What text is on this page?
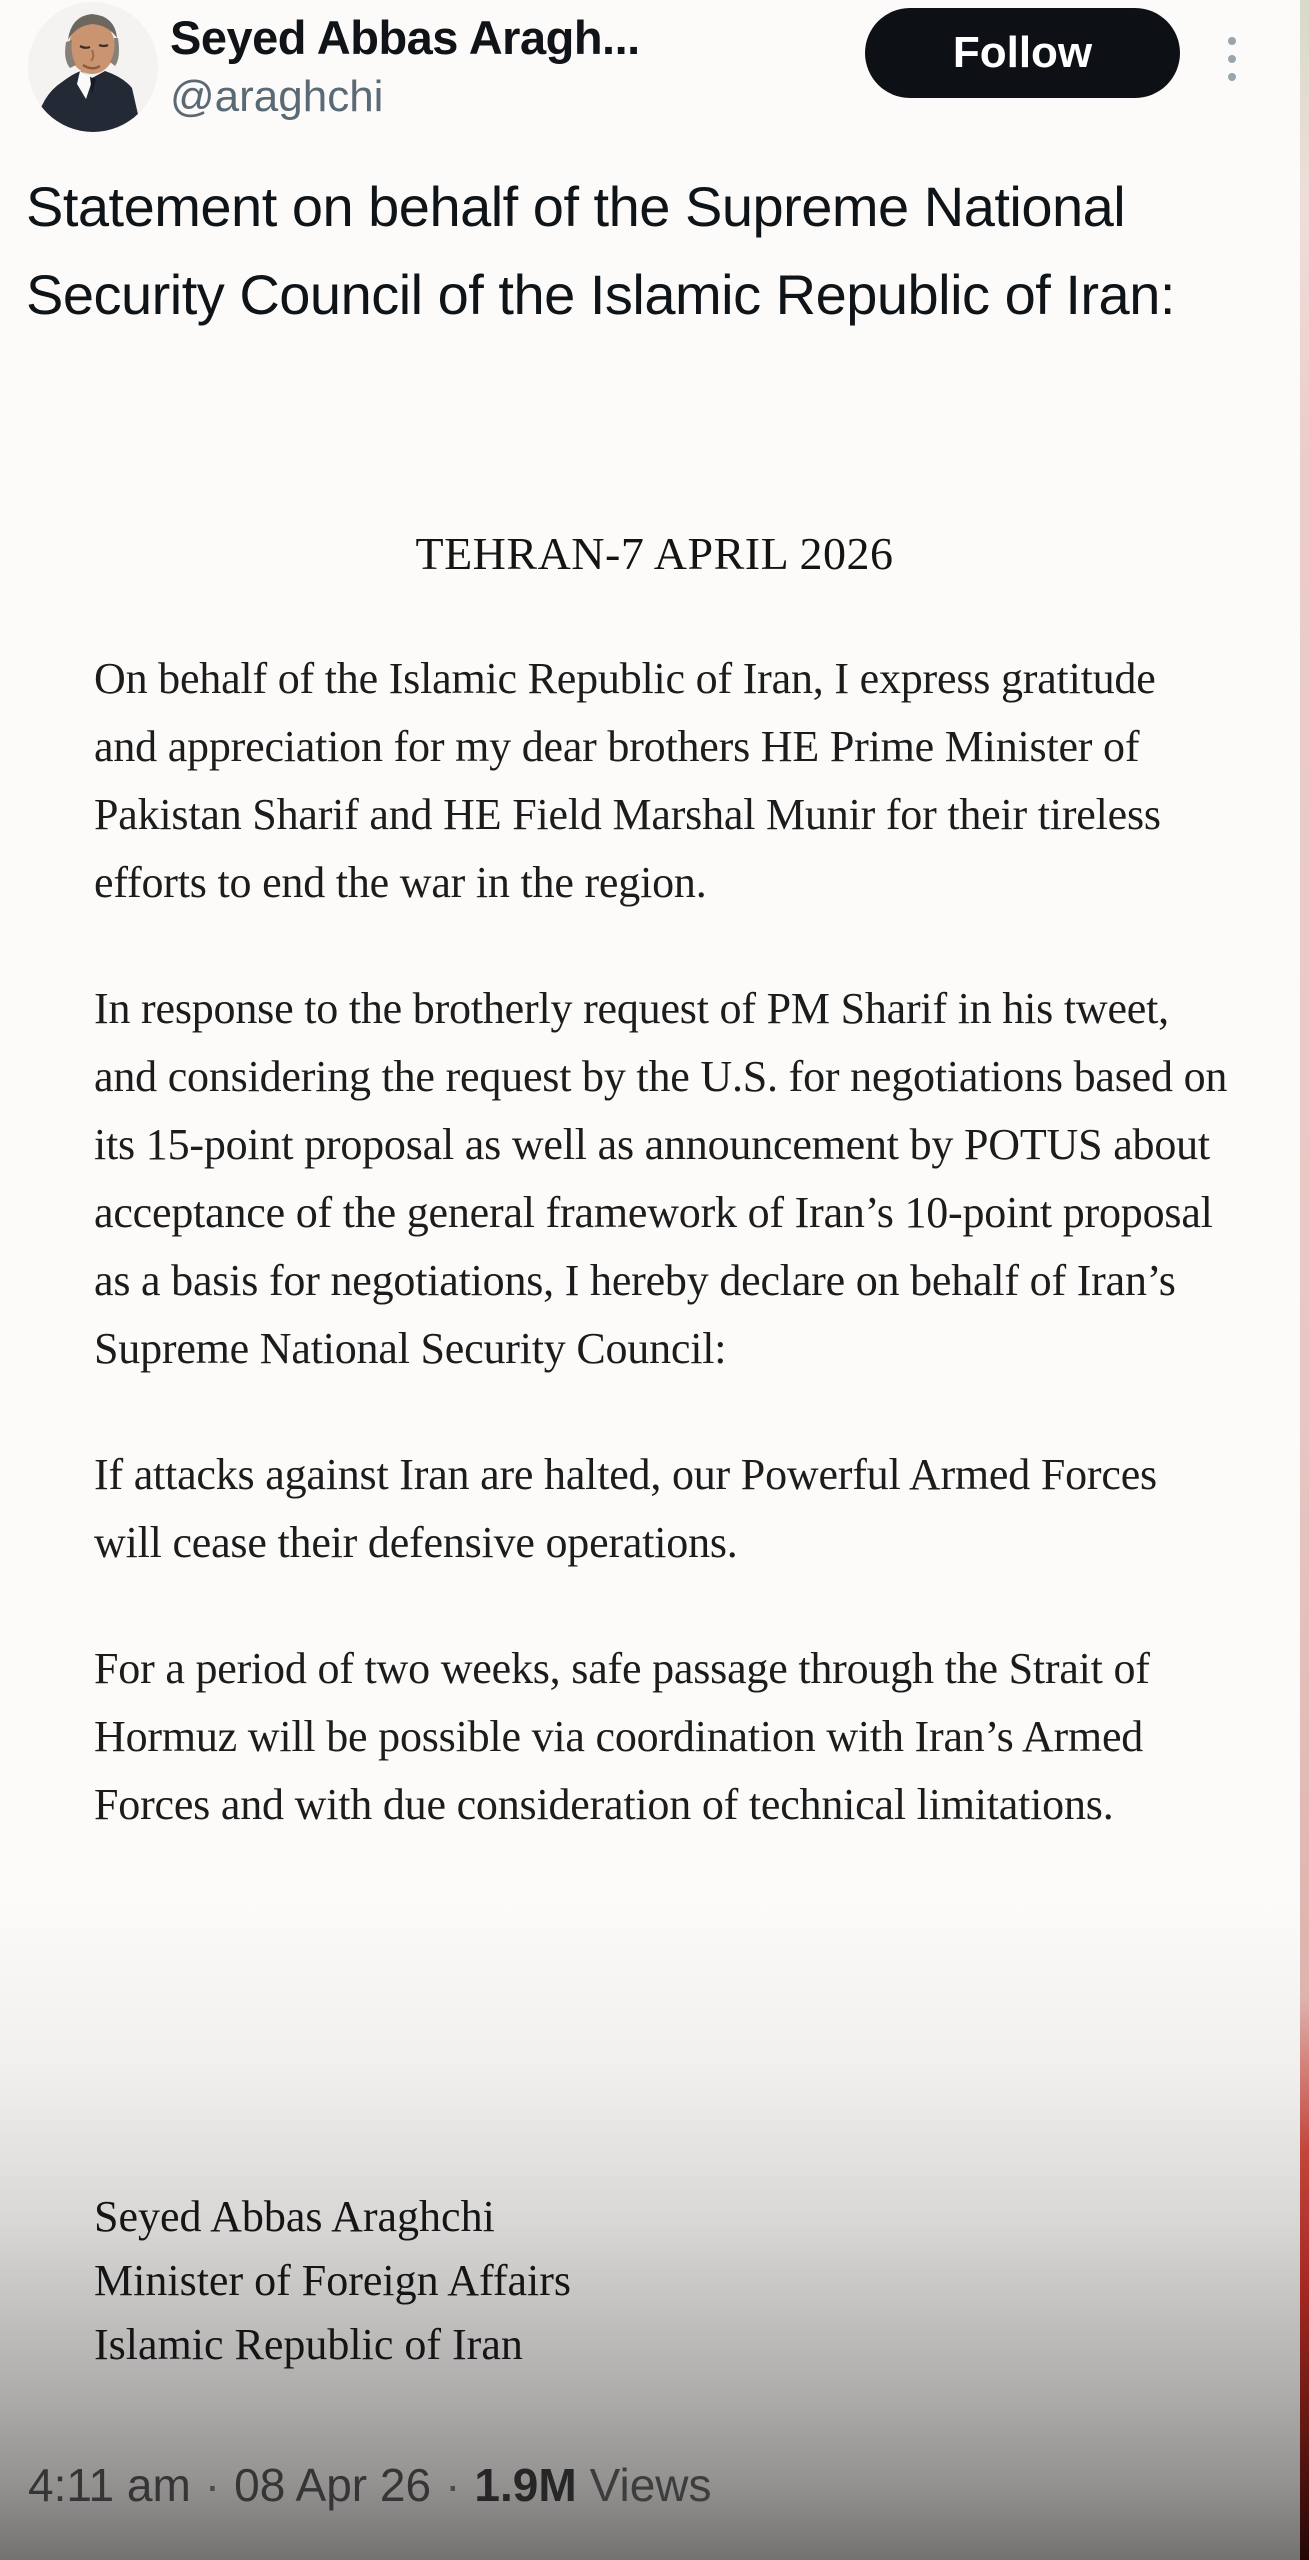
Seyed Abbas Aragh...
@araghchi
Follow
Statement on behalf of the Supreme National Security Council of the Islamic Republic of Iran:
TEHRAN-7 APRIL 2026

On behalf of the Islamic Republic of Iran, I express gratitude and appreciation for my dear brothers HE Prime Minister of Pakistan Sharif and HE Field Marshal Munir for their tireless efforts to end the war in the region.

In response to the brotherly request of PM Sharif in his tweet, and considering the request by the U.S. for negotiations based on its 15-point proposal as well as announcement by POTUS about acceptance of the general framework of Iran’s 10-point proposal as a basis for negotiations, I hereby declare on behalf of Iran’s Supreme National Security Council:

If attacks against Iran are halted, our Powerful Armed Forces will cease their defensive operations.

For a period of two weeks, safe passage through the Strait of Hormuz will be possible via coordination with Iran’s Armed Forces and with due consideration of technical limitations.

Seyed Abbas Araghchi
Minister of Foreign Affairs
Islamic Republic of Iran
4:11 am · 08 Apr 26 · 1.9M Views
